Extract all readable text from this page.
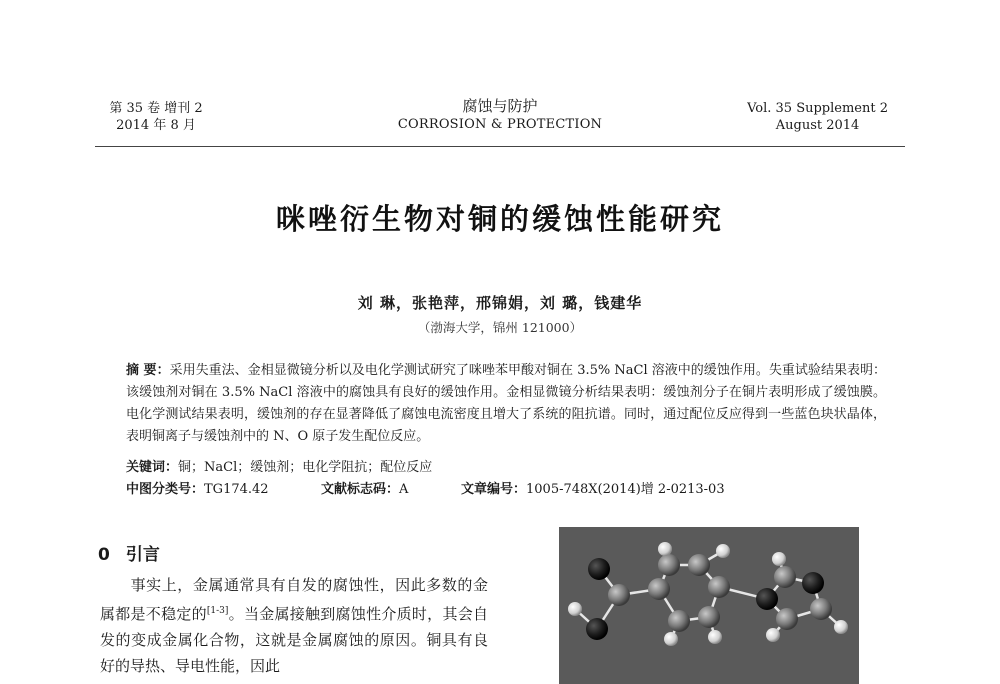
第 35 卷 增刊 2
2014 年 8 月
腐蚀与防护
CORROSION & PROTECTION
Vol. 35 Supplement 2
August 2014
咪唑衍生物对铜的缓蚀性能研究
刘 琳，张艳萍，邢锦娟，刘 璐，钱建华
（渤海大学，锦州 121000）
摘 要：采用失重法、金相显微镜分析以及电化学测试研究了咪唑苯甲酸对铜在 3.5% NaCl 溶液中的缓蚀作用。失重试验结果表明：该缓蚀剂对铜在 3.5% NaCl 溶液中的腐蚀具有良好的缓蚀作用。金相显微镜分析结果表明：缓蚀剂分子在铜片表明形成了缓蚀膜。电化学测试结果表明，缓蚀剂的存在显著降低了腐蚀电流密度且增大了系统的阻抗谱。同时，通过配位反应得到一些蓝色块状晶体，表明铜离子与缓蚀剂中的 N、O 原子发生配位反应。
关键词：铜；NaCl；缓蚀剂；电化学阻抗；配位反应
中图分类号：TG174.42	文献标志码：A	文章编号：1005-748X(2014)增 2-0213-03
0 引言
  事实上，金属通常具有自发的腐蚀性，因此多数的金属都是不稳定的[1-3]。当金属接触到腐蚀性介质时，其会自发的变成金属化合物，这就是金属腐蚀的原因。铜具有良好的导热、导电性能，因此
